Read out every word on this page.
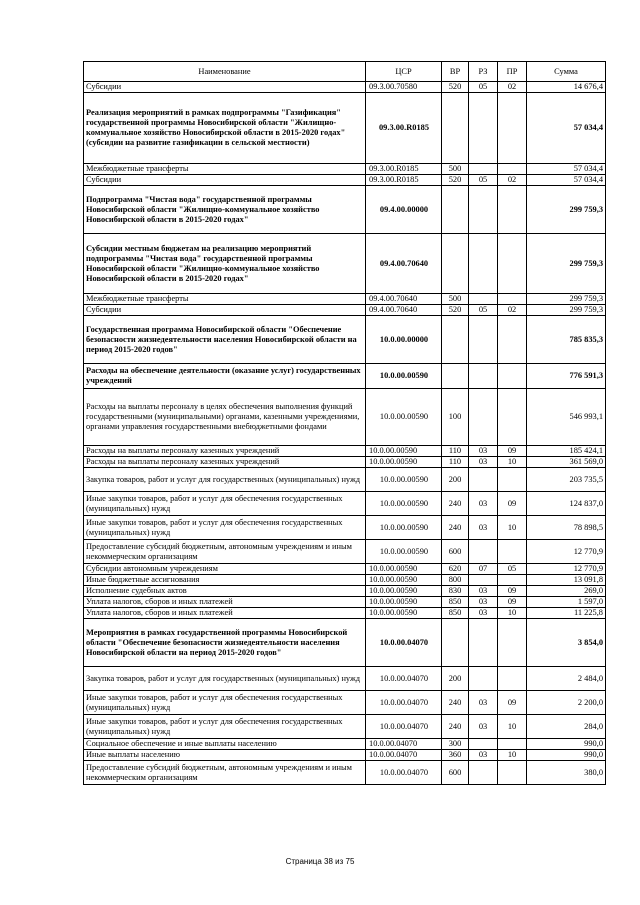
Наименование	ЦСР	ВР	РЗ	ПР	Сумма
Субсидии	09.3.00.70580	520	05	02	14 676,4
Реализация мероприятий в рамках подпрограммы "Газификация" государственной программы Новосибирской области "Жилищно-коммунальное хозяйство Новосибирской области в 2015-2020 годах" (субсидии на развитие газификации в сельской местности)	09.3.00.R0185				57 034,4
Межбюджетные трансферты	09.3.00.R0185	500			57 034,4
Субсидии	09.3.00.R0185	520	05	02	57 034,4
Подпрограмма "Чистая вода" государственной программы Новосибирской области "Жилищно-коммунальное хозяйство Новосибирской области в 2015-2020 годах"	09.4.00.00000				299 759,3
Субсидии местным бюджетам на реализацию мероприятий подпрограммы "Чистая вода" государственной программы Новосибирской области "Жилищно-коммунальное хозяйство Новосибирской области в 2015-2020 годах"	09.4.00.70640				299 759,3
Межбюджетные трансферты	09.4.00.70640	500			299 759,3
Субсидии	09.4.00.70640	520	05	02	299 759,3
Государственная программа Новосибирской области "Обеспечение безопасности жизнедеятельности населения Новосибирской области на период 2015-2020 годов"	10.0.00.00000				785 835,3
Расходы на обеспечение деятельности (оказание услуг) государственных учреждений	10.0.00.00590				776 591,3
Расходы на выплаты персоналу в целях обеспечения выполнения функций государственными (муниципальными) органами, казенными учреждениями, органами управления государственными внебюджетными фондами	10.0.00.00590	100			546 993,1
Расходы на выплаты персоналу казенных учреждений	10.0.00.00590	110	03	09	185 424,1
Расходы на выплаты персоналу казенных учреждений	10.0.00.00590	110	03	10	361 569,0
Закупка товаров, работ и услуг для государственных (муниципальных) нужд	10.0.00.00590	200			203 735,5
Иные закупки товаров, работ и услуг для обеспечения государственных (муниципальных) нужд	10.0.00.00590	240	03	09	124 837,0
Иные закупки товаров, работ и услуг для обеспечения государственных (муниципальных) нужд	10.0.00.00590	240	03	10	78 898,5
Предоставление субсидий бюджетным, автономным учреждениям и иным некоммерческим организациям	10.0.00.00590	600			12 770,9
Субсидии автономным учреждениям	10.0.00.00590	620	07	05	12 770,9
Иные бюджетные ассигнования	10.0.00.00590	800			13 091,8
Исполнение судебных актов	10.0.00.00590	830	03	09	269,0
Уплата налогов, сборов и иных платежей	10.0.00.00590	850	03	09	1 597,0
Уплата налогов, сборов и иных платежей	10.0.00.00590	850	03	10	11 225,8
Мероприятия в рамках государственной программы Новосибирской области "Обеспечение безопасности жизнедеятельности населения Новосибирской области на период 2015-2020 годов"	10.0.00.04070				3 854,0
Закупка товаров, работ и услуг для государственных (муниципальных) нужд	10.0.00.04070	200			2 484,0
Иные закупки товаров, работ и услуг для обеспечения государственных (муниципальных) нужд	10.0.00.04070	240	03	09	2 200,0
Иные закупки товаров, работ и услуг для обеспечения государственных (муниципальных) нужд	10.0.00.04070	240	03	10	284,0
Социальное обеспечение и иные выплаты населению	10.0.00.04070	300			990,0
Иные выплаты населению	10.0.00.04070	360	03	10	990,0
Предоставление субсидий бюджетным, автономным учреждениям и иным некоммерческим организациям	10.0.00.04070	600			380,0
Страница 38 из 75
